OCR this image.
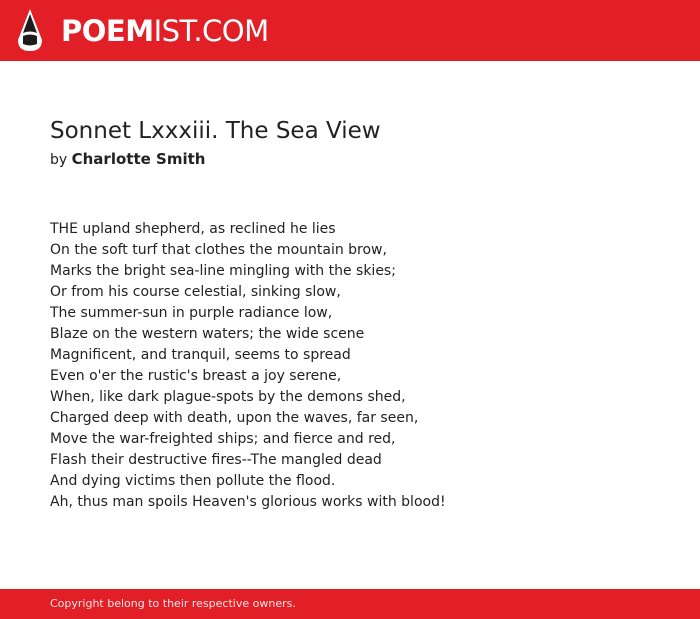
POEMIST.COM
Sonnet Lxxxiii. The Sea View
by Charlotte Smith
THE upland shepherd, as reclined he lies
On the soft turf that clothes the mountain brow,
Marks the bright sea-line mingling with the skies;
Or from his course celestial, sinking slow,
The summer-sun in purple radiance low,
Blaze on the western waters; the wide scene
Magnificent, and tranquil, seems to spread
Even o'er the rustic's breast a joy serene,
When, like dark plague-spots by the demons shed,
Charged deep with death, upon the waves, far seen,
Move the war-freighted ships; and fierce and red,
Flash their destructive fires--The mangled dead
And dying victims then pollute the flood.
Ah, thus man spoils Heaven's glorious works with blood!
Copyright belong to their respective owners.
